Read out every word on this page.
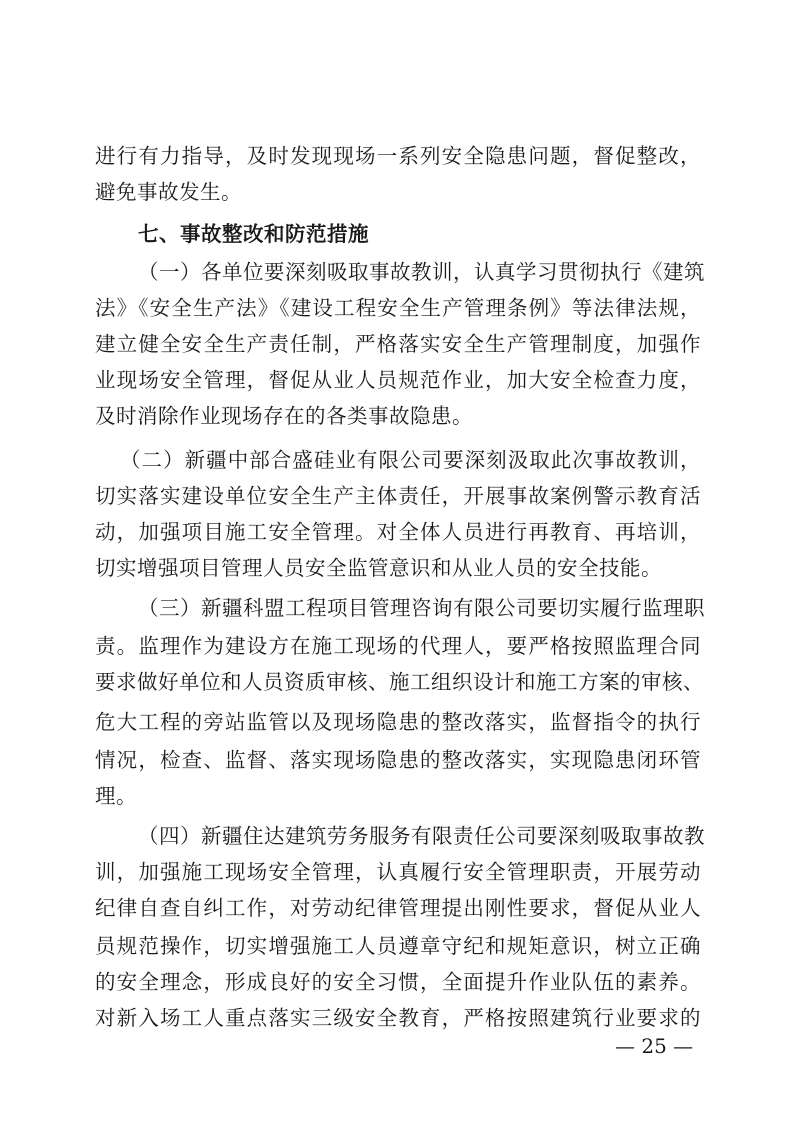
进行有力指导，及时发现现场一系列安全隐患问题，督促整改，
避免事故发生。
七、事故整改和防范措施
（一）各单位要深刻吸取事故教训，认真学习贯彻执行《建筑
法》《安全生产法》《建设工程安全生产管理条例》等法律法规，
建立健全安全生产责任制，严格落实安全生产管理制度，加强作
业现场安全管理，督促从业人员规范作业，加大安全检查力度，
及时消除作业现场存在的各类事故隐患。
（二）新疆中部合盛硅业有限公司要深刻汲取此次事故教训，
切实落实建设单位安全生产主体责任，开展事故案例警示教育活
动，加强项目施工安全管理。对全体人员进行再教育、再培训，
切实增强项目管理人员安全监管意识和从业人员的安全技能。
（三）新疆科盟工程项目管理咨询有限公司要切实履行监理职
责。监理作为建设方在施工现场的代理人，要严格按照监理合同
要求做好单位和人员资质审核、施工组织设计和施工方案的审核、
危大工程的旁站监管以及现场隐患的整改落实，监督指令的执行
情况，检查、监督、落实现场隐患的整改落实，实现隐患闭环管
理。
（四）新疆住达建筑劳务服务有限责任公司要深刻吸取事故教
训，加强施工现场安全管理，认真履行安全管理职责，开展劳动
纪律自查自纠工作，对劳动纪律管理提出刚性要求，督促从业人
员规范操作，切实增强施工人员遵章守纪和规矩意识，树立正确
的安全理念，形成良好的安全习惯，全面提升作业队伍的素养。
对新入场工人重点落实三级安全教育，严格按照建筑行业要求的
— 25 —
